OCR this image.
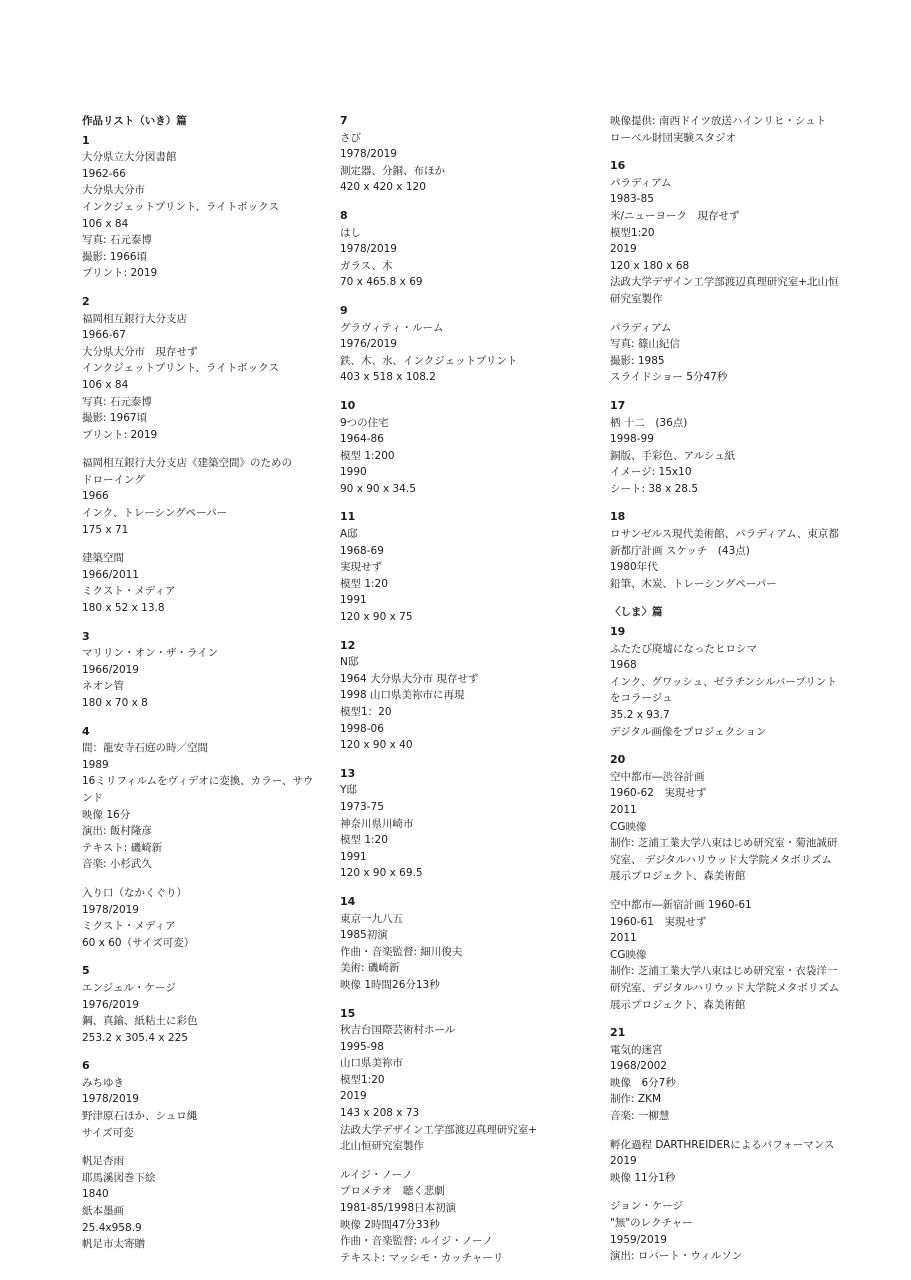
作品リスト（いき）篇
1
大分県立大分図書館
1962-66
大分県大分市
インクジェットプリント、ライトボックス
106 x 84
写真: 石元泰博
撮影: 1966頃
プリント: 2019
2
福岡相互銀行大分支店
1966-67
大分県大分市　現存せず
インクジェットプリント、ライトボックス
106 x 84
写真: 石元泰博
撮影: 1967頃
プリント: 2019
福岡相互銀行大分支店《建築空間》のための
ドローイング
1966
インク、トレーシングペーパー
175 x 71
建築空間
1966/2011
ミクスト・メディア
180 x 52 x 13.8
3
マリリン・オン・ザ・ライン
1966/2019
ネオン管
180 x 70 x 8
4
間：龍安寺石庭の時／空間
1989
16ミリフィルムをヴィデオに変換、カラー、サウ
ンド
映像 16分
演出: 飯村隆彦
テキスト: 磯崎新
音楽: 小杉武久
入り口（なかくぐり）
1978/2019
ミクスト・メディア
60 x 60（サイズ可変）
5
エンジェル・ケージ
1976/2019
鋼、真鍮、紙粘土に彩色
253.2 x 305.4 x 225
6
みちゆき
1978/2019
野津原石ほか、シュロ縄
サイズ可変
帆足杏雨
耶馬溪図巻下絵
1840
紙本墨画
25.4x958.9
帆足市太寄贈
7
さび
1978/2019
測定器、分銅、布ほか
420 x 420 x 120
8
はし
1978/2019
ガラス、木
70 x 465.8 x 69
9
グラヴィティ・ルーム
1976/2019
鉄、木、水、インクジェットプリント
403 x 518 x 108.2
10
9つの住宅
1964-86
模型 1:200
1990
90 x 90 x 34.5
11
A邸
1968-69
実現せず
模型 1:20
1991
120 x 90 x 75
12
N邸
1964 大分県大分市 現存せず
1998 山口県美祢市に再現
模型1：20
1998-06
120 x 90 x 40
13
Y邸
1973-75
神奈川県川崎市
模型 1:20
1991
120 x 90 x 69.5
14
東京一九八五
1985初演
作曲・音楽監督: 細川俊夫
美術: 磯崎新
映像 1時間26分13秒
15
秋吉台国際芸術村ホール
1995-98
山口県美祢市
模型1:20
2019
143 x 208 x 73
法政大学デザイン工学部渡辺真理研究室+
北山恒研究室製作
ルイジ・ノーノ
プロメテオ　聴く悲劇
1981-85/1998日本初演
映像 2時間47分33秒
作曲・音楽監督: ルイジ・ノーノ
テキスト: マッシモ・カッチャーリ
映像提供: 南西ドイツ放送ハインリヒ・シュト
ローベル財団実験スタジオ
16
パラディアム
1983-85
米/ニューヨーク　現存せず
模型1:20
2019
120 x 180 x 68
法政大学デザイン工学部渡辺真理研究室+北山恒
研究室製作
パラディアム
写真: 篠山紀信
撮影: 1985
スライドショー 5分47秒
17
栖 十二　(36点)
1998-99
銅版、手彩色、アルシュ紙
イメージ: 15x10
シート: 38 x 28.5
18
ロサンゼルス現代美術館、パラディアム、東京都
新都庁計画 スケッチ　(43点)
1980年代
鉛筆、木炭、トレーシングペーパー
〈しま〉篇
19
ふたたび廃墟になったヒロシマ
1968
インク、グワッシュ、ゼラチンシルバープリント
をコラージュ
35.2 x 93.7
デジタル画像をプロジェクション
20
空中都市―渋谷計画
1960-62　実現せず
2011
CG映像
制作: 芝浦工業大学八束はじめ研究室・菊池誠研
究室、 デジタルハリウッド大学院メタボリズム
展示プロジェクト、森美術館
空中都市―新宿計画 1960-61
1960-61　実現せず
2011
CG映像
制作: 芝浦工業大学八束はじめ研究室・衣袋洋一
研究室、デジタルハリウッド大学院メタボリズム
展示プロジェクト、森美術館
21
電気的迷宮
1968/2002
映像　6分7秒
制作: ZKM
音楽: 一柳慧
孵化過程 DARTHREIDERによるパフォーマンス
2019
映像 11分1秒
ジョン・ケージ
"無"のレクチャー
1959/2019
演出: ロバート・ウィルソン
